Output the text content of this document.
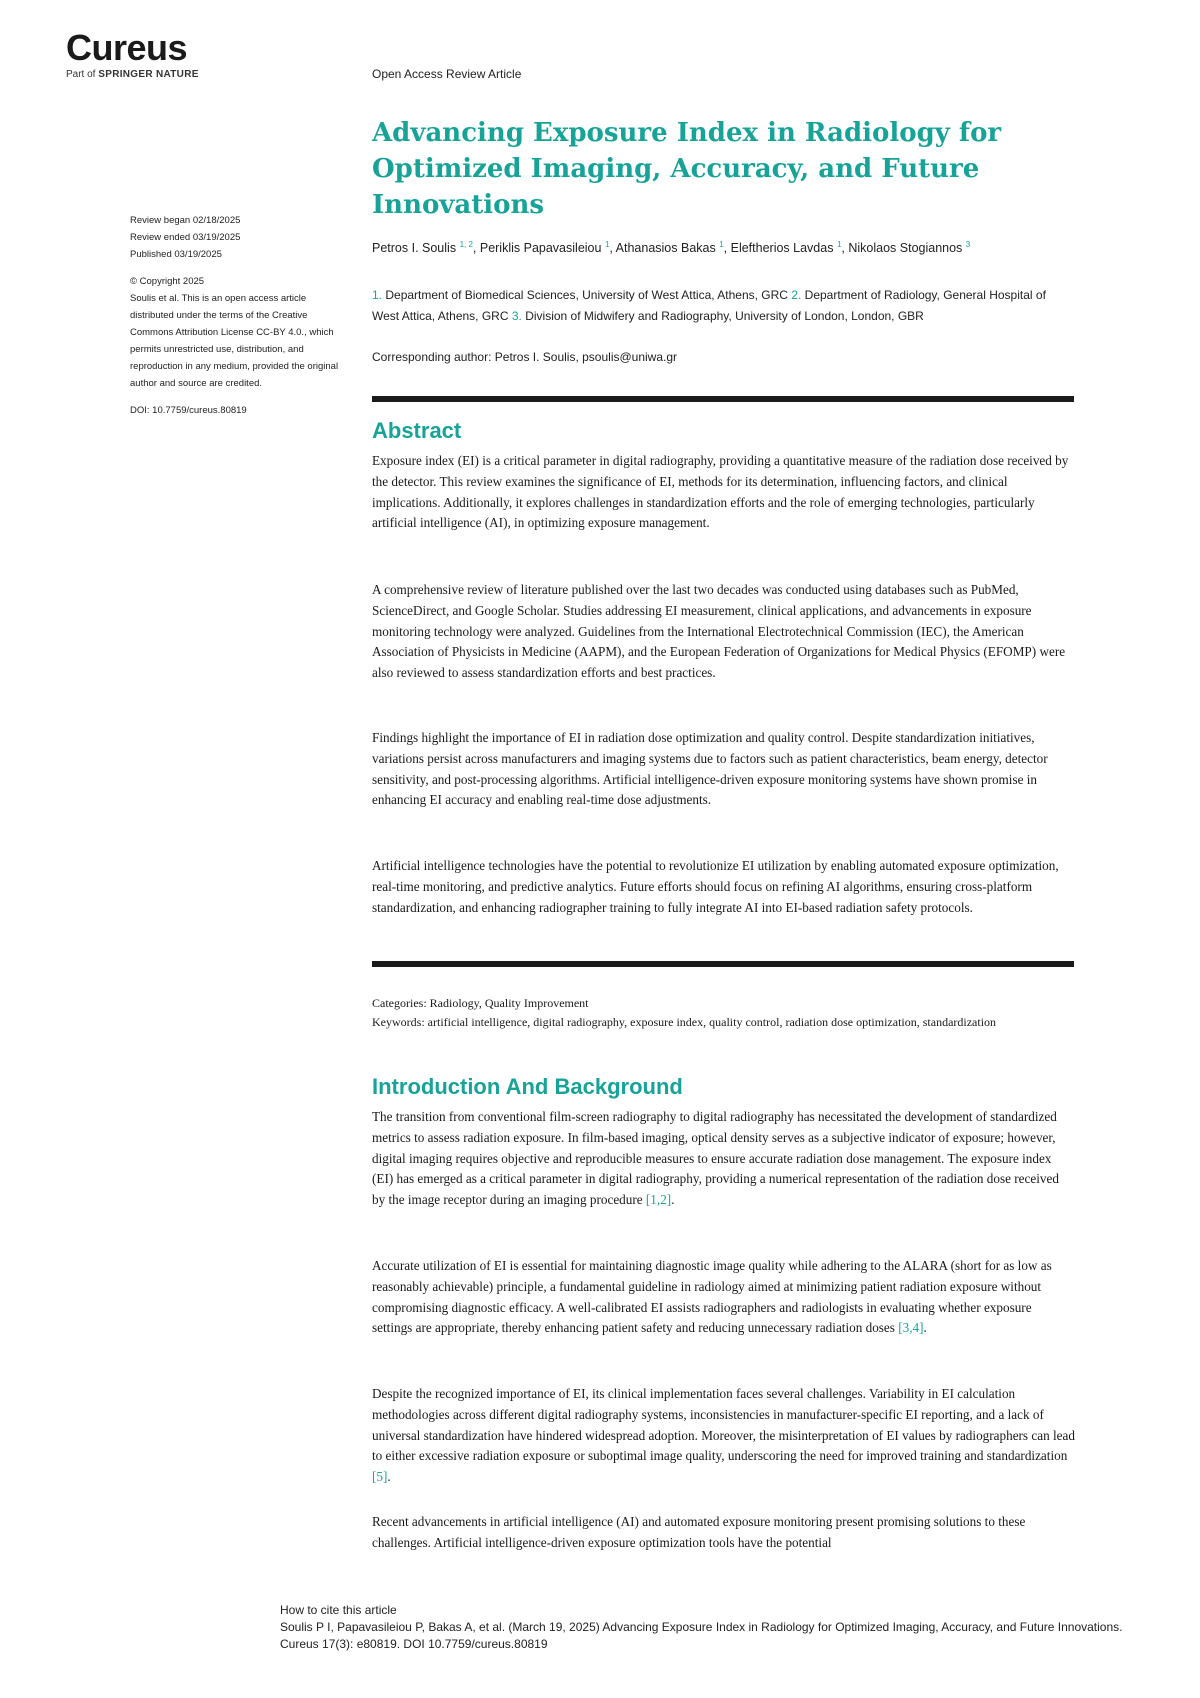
Cureus
Part of SPRINGER NATURE	Open Access Review Article
Advancing Exposure Index in Radiology for Optimized Imaging, Accuracy, and Future Innovations
Petros I. Soulis $^{1, 2}$, Periklis Papavasileiou $^1$, Athanasios Bakas $^1$, Eleftherios Lavdas $^1$, Nikolaos Stogiannos $^3$
1. Department of Biomedical Sciences, University of West Attica, Athens, GRC 2. Department of Radiology, General Hospital of West Attica, Athens, GRC 3. Division of Midwifery and Radiography, University of London, London, GBR
Corresponding author: Petros I. Soulis, psoulis@uniwa.gr
Review began 02/18/2025
Review ended 03/19/2025
Published 03/19/2025
© Copyright 2025
Soulis et al. This is an open access article distributed under the terms of the Creative Commons Attribution License CC-BY 4.0., which permits unrestricted use, distribution, and reproduction in any medium, provided the original author and source are credited.
DOI: 10.7759/cureus.80819
Abstract

Exposure index (EI) is a critical parameter in digital radiography, providing a quantitative measure of the radiation dose received by the detector. This review examines the significance of EI, methods for its determination, influencing factors, and clinical implications. Additionally, it explores challenges in standardization efforts and the role of emerging technologies, particularly artificial intelligence (AI), in optimizing exposure management.

A comprehensive review of literature published over the last two decades was conducted using databases such as PubMed, ScienceDirect, and Google Scholar. Studies addressing EI measurement, clinical applications, and advancements in exposure monitoring technology were analyzed. Guidelines from the International Electrotechnical Commission (IEC), the American Association of Physicists in Medicine (AAPM), and the European Federation of Organizations for Medical Physics (EFOMP) were also reviewed to assess standardization efforts and best practices.

Findings highlight the importance of EI in radiation dose optimization and quality control. Despite standardization initiatives, variations persist across manufacturers and imaging systems due to factors such as patient characteristics, beam energy, detector sensitivity, and post-processing algorithms. Artificial intelligence-driven exposure monitoring systems have shown promise in enhancing EI accuracy and enabling real-time dose adjustments.

Artificial intelligence technologies have the potential to revolutionize EI utilization by enabling automated exposure optimization, real-time monitoring, and predictive analytics. Future efforts should focus on refining AI algorithms, ensuring cross-platform standardization, and enhancing radiographer training to fully integrate AI into EI-based radiation safety protocols.

Categories: Radiology, Quality Improvement
Keywords: artificial intelligence, digital radiography, exposure index, quality control, radiation dose optimization, standardization
Introduction And Background

The transition from conventional film-screen radiography to digital radiography has necessitated the development of standardized metrics to assess radiation exposure. In film-based imaging, optical density serves as a subjective indicator of exposure; however, digital imaging requires objective and reproducible measures to ensure accurate radiation dose management. The exposure index (EI) has emerged as a critical parameter in digital radiography, providing a numerical representation of the radiation dose received by the image receptor during an imaging procedure [1,2].

Accurate utilization of EI is essential for maintaining diagnostic image quality while adhering to the ALARA (short for as low as reasonably achievable) principle, a fundamental guideline in radiology aimed at minimizing patient radiation exposure without compromising diagnostic efficacy. A well-calibrated EI assists radiographers and radiologists in evaluating whether exposure settings are appropriate, thereby enhancing patient safety and reducing unnecessary radiation doses [3,4].

Despite the recognized importance of EI, its clinical implementation faces several challenges. Variability in EI calculation methodologies across different digital radiography systems, inconsistencies in manufacturer-specific EI reporting, and a lack of universal standardization have hindered widespread adoption. Moreover, the misinterpretation of EI values by radiographers can lead to either excessive radiation exposure or suboptimal image quality, underscoring the need for improved training and standardization [5].

Recent advancements in artificial intelligence (AI) and automated exposure monitoring present promising solutions to these challenges. Artificial intelligence-driven exposure optimization tools have the potential

How to cite this article
Soulis P I, Papavasileiou P, Bakas A, et al. (March 19, 2025) Advancing Exposure Index in Radiology for Optimized Imaging, Accuracy, and Future Innovations. Cureus 17(3): e80819. DOI 10.7759/cureus.80819
